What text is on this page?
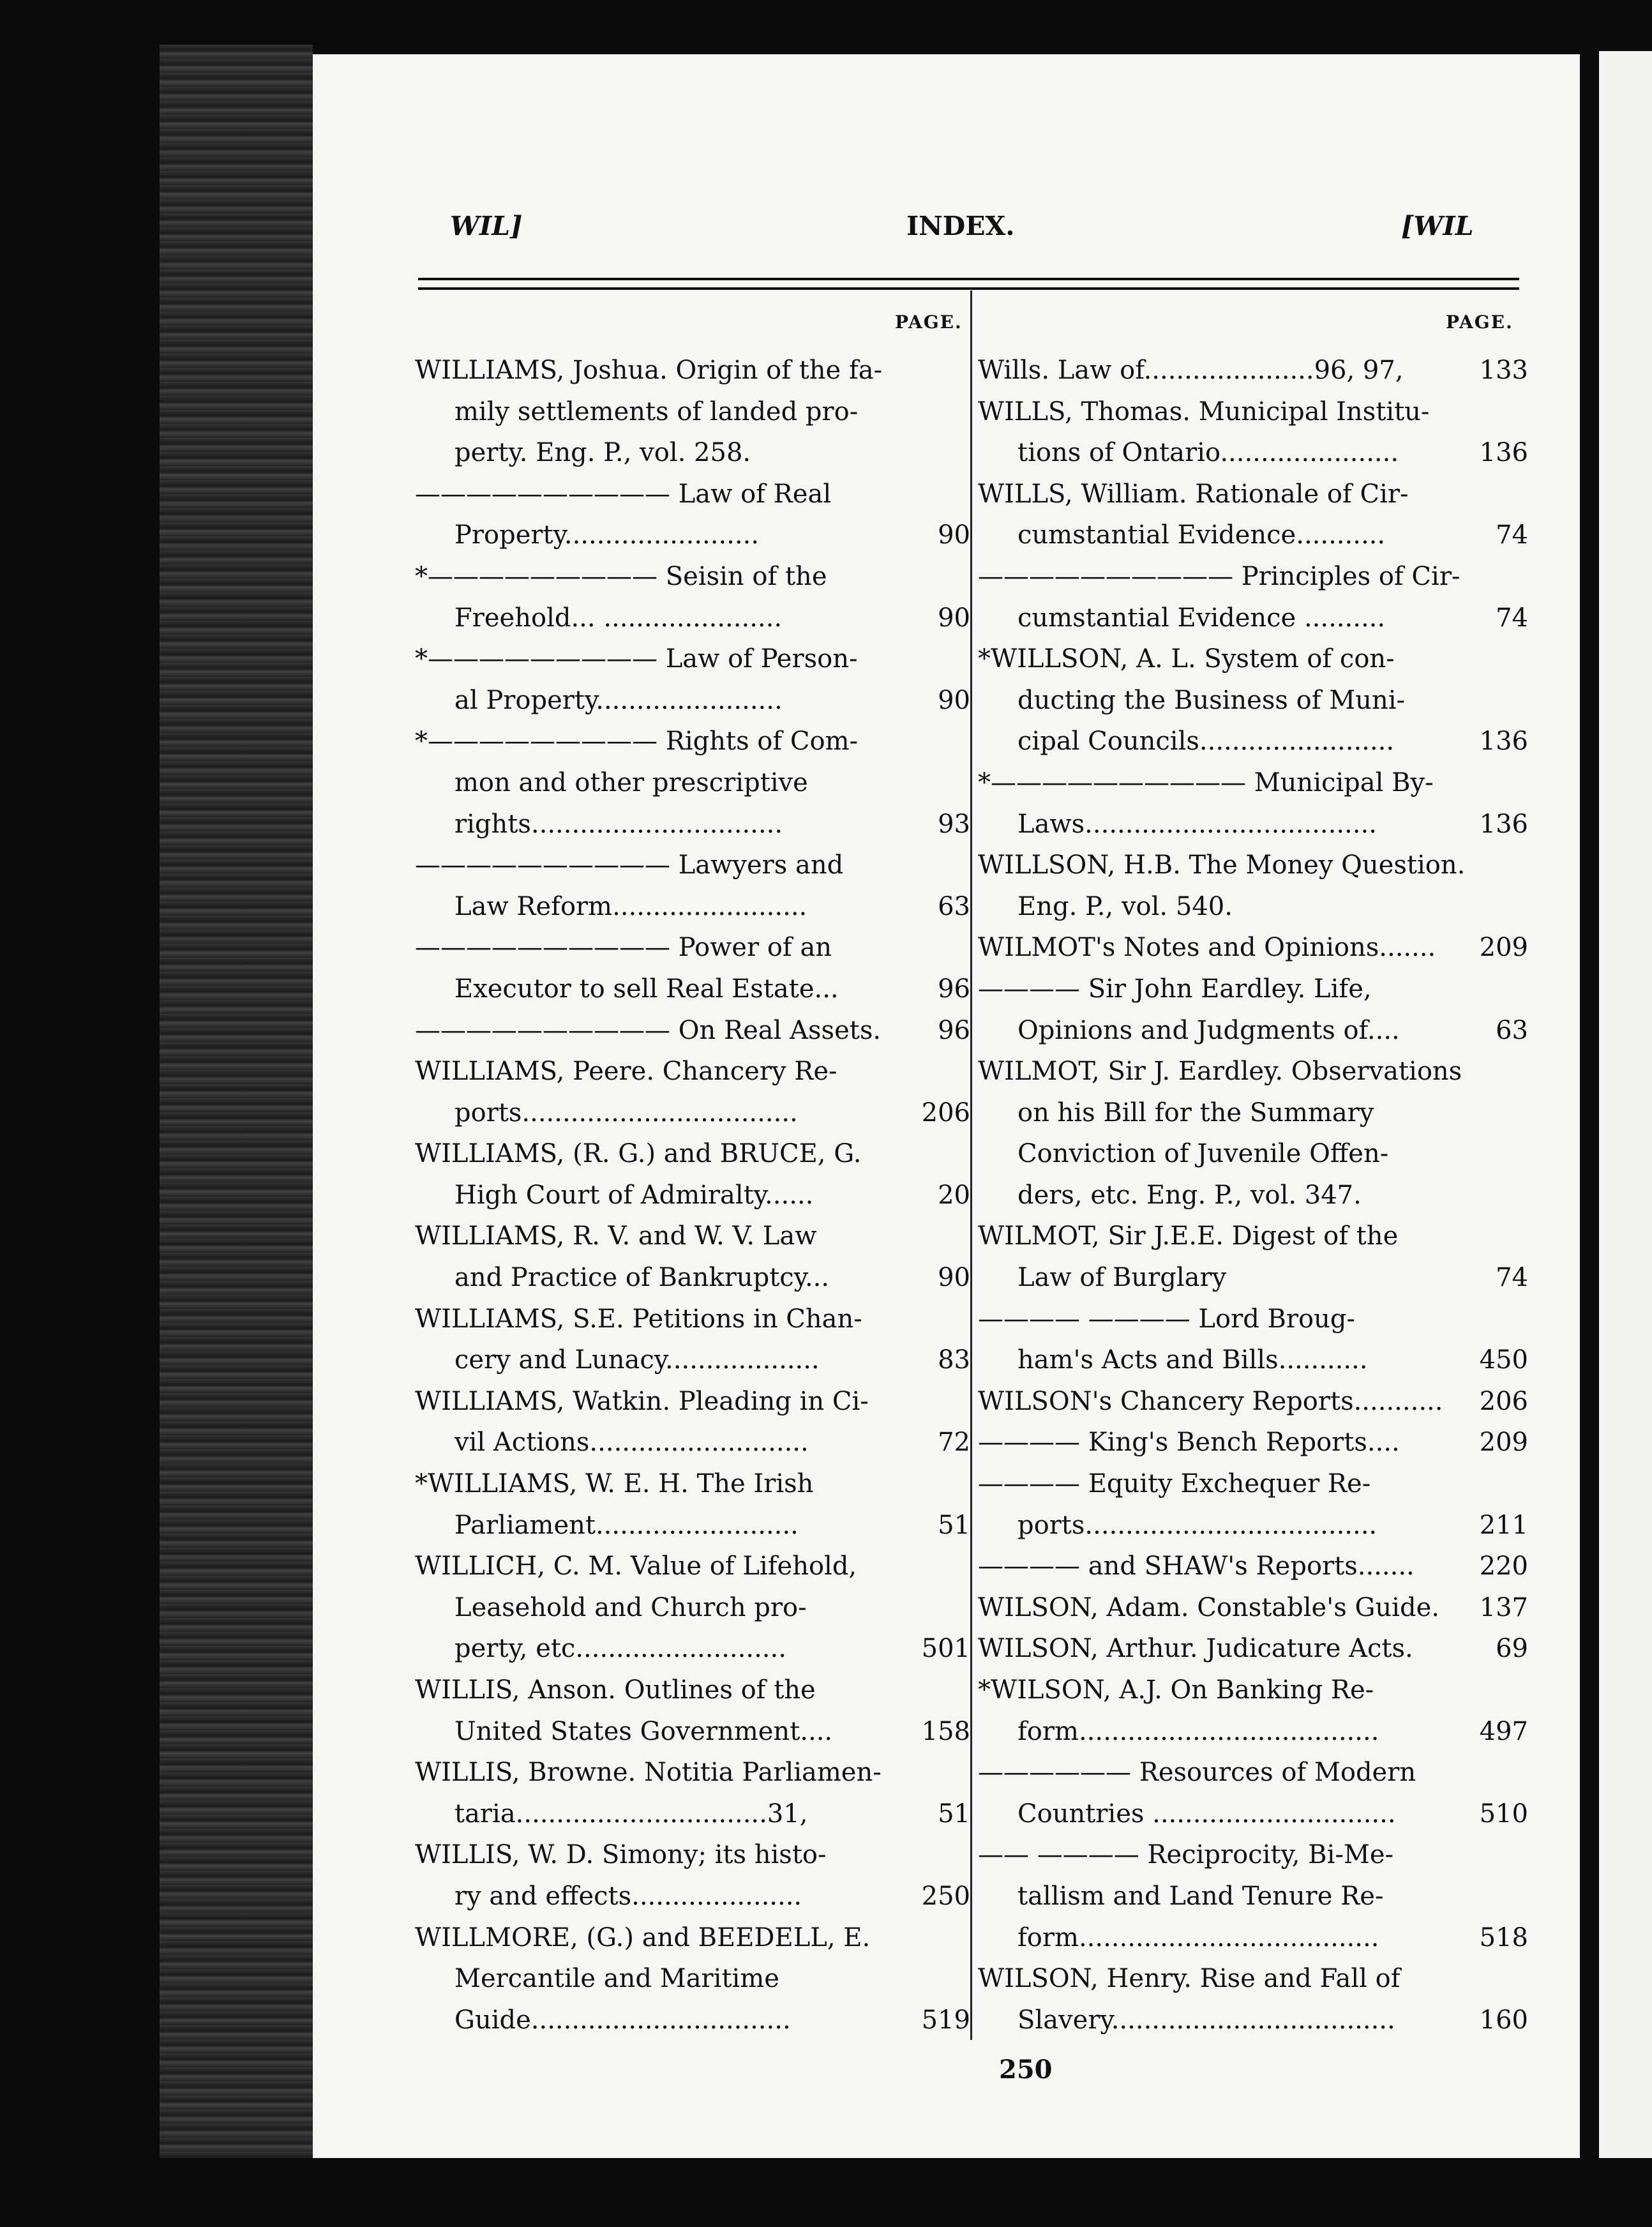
WIL]	INDEX.	[WIL
PAGE.	PAGE.
WILLIAMS, Joshua. Origin of the fa-
mily settlements of landed pro-
perty. Eng. P., vol. 258.
—————————— Law of Real
Property........................	90
*————————— Seisin of the
Freehold... ......................	90
*————————— Law of Person-
al Property.......................	90
*————————— Rights of Com-
mon and other prescriptive
rights...............................	93
—————————— Lawyers and
Law Reform........................	63
—————————— Power of an
Executor to sell Real Estate...	96
—————————— On Real Assets.	96
WILLIAMS, Peere. Chancery Re-
ports..................................	206
WILLIAMS, (R. G.) and BRUCE, G.
High Court of Admiralty......	20
WILLIAMS, R. V. and W. V. Law
and Practice of Bankruptcy...	90
WILLIAMS, S.E. Petitions in Chan-
cery and Lunacy...................	83
WILLIAMS, Watkin. Pleading in Ci-
vil Actions...........................	72
*WILLIAMS, W. E. H. The Irish
Parliament.........................	51
WILLICH, C. M. Value of Lifehold,
Leasehold and Church pro-
perty, etc..........................	501
WILLIS, Anson. Outlines of the
United States Government....	158
WILLIS, Browne. Notitia Parliamen-
taria...............................31,	51
WILLIS, W. D. Simony; its histo-
ry and effects.....................	250
WILLMORE, (G.) and BEEDELL, E.
Mercantile and Maritime
Guide................................	519
Wills. Law of.....................96, 97,	133
WILLS, Thomas. Municipal Institu-
tions of Ontario......................	136
WILLS, William. Rationale of Cir-
cumstantial Evidence...........	74
—————————— Principles of Cir-
cumstantial Evidence ..........	74
*WILLSON, A. L. System of con-
ducting the Business of Muni-
cipal Councils........................	136
*—————————— Municipal By-
Laws....................................	136
WILLSON, H.B. The Money Question.
Eng. P., vol. 540.
WILMOT's Notes and Opinions.......	209
———— Sir John Eardley. Life,
Opinions and Judgments of....	63
WILMOT, Sir J. Eardley. Observations
on his Bill for the Summary
Conviction of Juvenile Offen-
ders, etc. Eng. P., vol. 347.
WILMOT, Sir J.E.E. Digest of the
Law of Burglary	74
———— ———— Lord Broug-
ham's Acts and Bills...........	450
WILSON's Chancery Reports...........	206
———— King's Bench Reports....	209
———— Equity Exchequer Re-
ports....................................	211
———— and SHAW's Reports.......	220
WILSON, Adam. Constable's Guide.	137
WILSON, Arthur. Judicature Acts.	69
*WILSON, A.J. On Banking Re-
form.....................................	497
—————— Resources of Modern
Countries ..............................	510
—— ———— Reciprocity, Bi-Me-
tallism and Land Tenure Re-
form.....................................	518
WILSON, Henry. Rise and Fall of
Slavery...................................	160
250
